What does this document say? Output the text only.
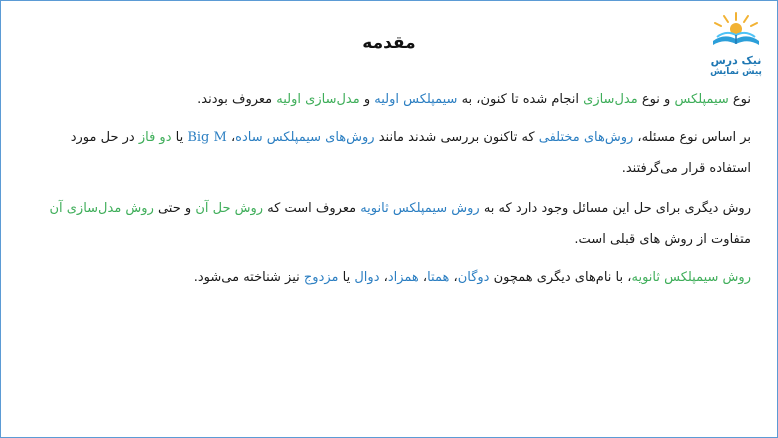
نیک درس
پیش نمایش
مقدمه

نوع سیمپلکس و نوع مدل‌سازی انجام شده تا کنون، به سیمپلکس اولیه و مدل‌سازی اولیه معروف بودند.

بر اساس نوع مسئله، روش‌های مختلفی که تاکنون بررسی شدند مانند روش‌های سیمپلکس ساده، Big M یا دو فاز در حل مورد استفاده قرار می‌گرفتند.

روش دیگری برای حل این مسائل وجود دارد که به روش سیمپلکس ثانویه معروف است که روش حل آن و حتی روش مدل‌سازی آن متفاوت از روش های قبلی است.

روش سیمپلکس ثانویه، با نام‌های دیگری همچون دوگان، همتا، همزاد، دوال یا مزدوج نیز شناخته می‌شود.
